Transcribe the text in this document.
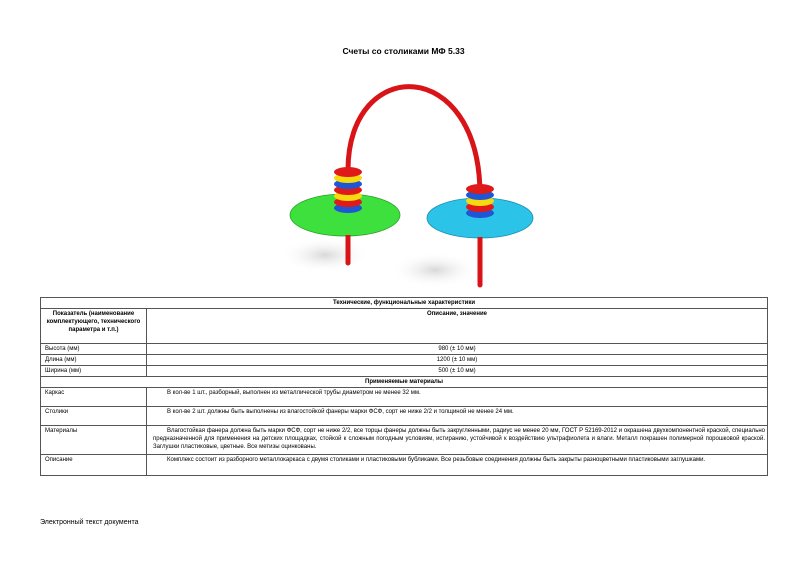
Счеты со столиками МФ 5.33
Технические, функциональные характеристики	
Показатель (наименование комплектующего, технического параметра и т.п.)	Описание, значение
Высота (мм)	980 (± 10 мм)
Длина (мм)	1200 (± 10 мм)
Ширина (мм)	500 (± 10 мм)
Применяемые материалы	
Каркас	В кол-ве 1 шт., разборный, выполнен из металлической трубы диаметром не менее 32 мм.
Столики	В кол-ве 2 шт. должны быть выполнены из влагостойкой фанеры марки ФСФ, сорт не ниже 2/2 и толщиной не менее 24 мм.
Материалы	Влагостойкая фанера должна быть марки ФСФ, сорт не ниже 2/2, все торцы фанеры должны быть закругленными, радиус не менее 20 мм, ГОСТ Р 52169-2012 и окрашена двухкомпонентной краской, специально предназначенной для применения на детских площадках, стойкой к сложным погодным условиям, истиранию, устойчивой к воздействию ультрафиолета и влаги. Металл покрашен полимерной порошковой краской. Заглушки пластиковые, цветные. Все метизы оцинкованы.
Описание	Комплекс состоит из разборного металлокаркаса с двумя столиками и пластиковыми бубликами. Все резьбовые соединения должны быть закрыты разноцветными пластиковыми заглушками.
Электронный текст документа
